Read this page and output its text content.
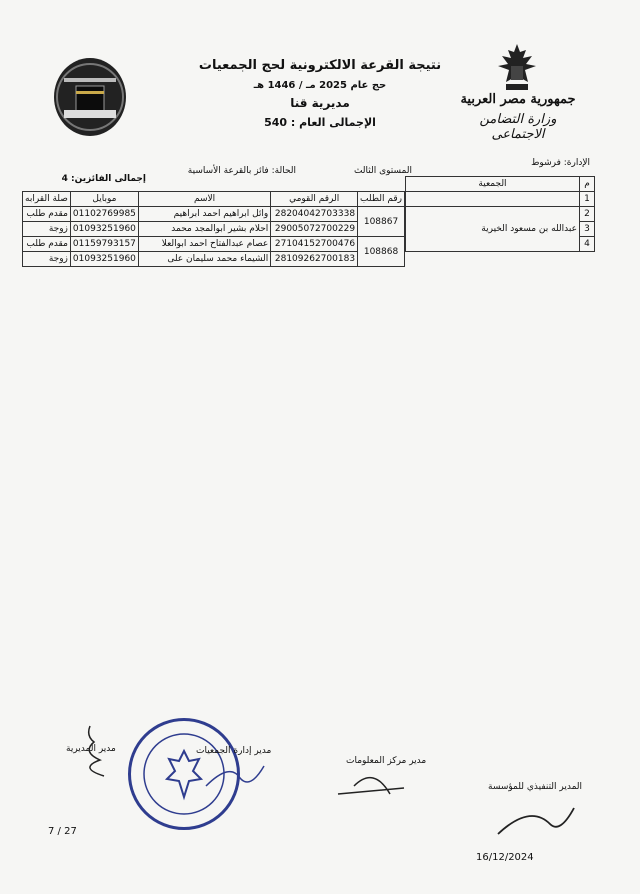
جمهورية مصر العربية
وزارة التضامن الاجتماعى
نتيجة القرعة الالكترونية لحج الجمعيات
حج عام 2025 مـ / 1446 هـ
مديرية قنا
الإجمالى العام : 540
الإدارة: فرشوط
المستوى الثالث
الحالة: فائز بالقرعة الأساسية
إجمالى الفائزين: 4	م	الجمعية
1	
2	عبدالله بن مسعود الخيرية
3	
4	
رقم الطلب	الرقم القومي	الاسم	موبايل	صلة القرابه
108867	28204042703338	وائل ابراهيم احمد ابراهيم	01102769985	مقدم طلب
	29005072700229	احلام بشير ابوالمجد محمد	01093251960	زوجة
108868	27104152700476	عصام عبدالفتاح احمد ابوالعلا	01159793157	مقدم طلب
	28109262700183	الشيماء محمد سليمان على	01093251960	زوجة
مدير المديرية	مدير إدارة الجمعيات
مدير مركز المعلومات
المدير التنفيذي للمؤسسة
7 / 27
16/12/2024
